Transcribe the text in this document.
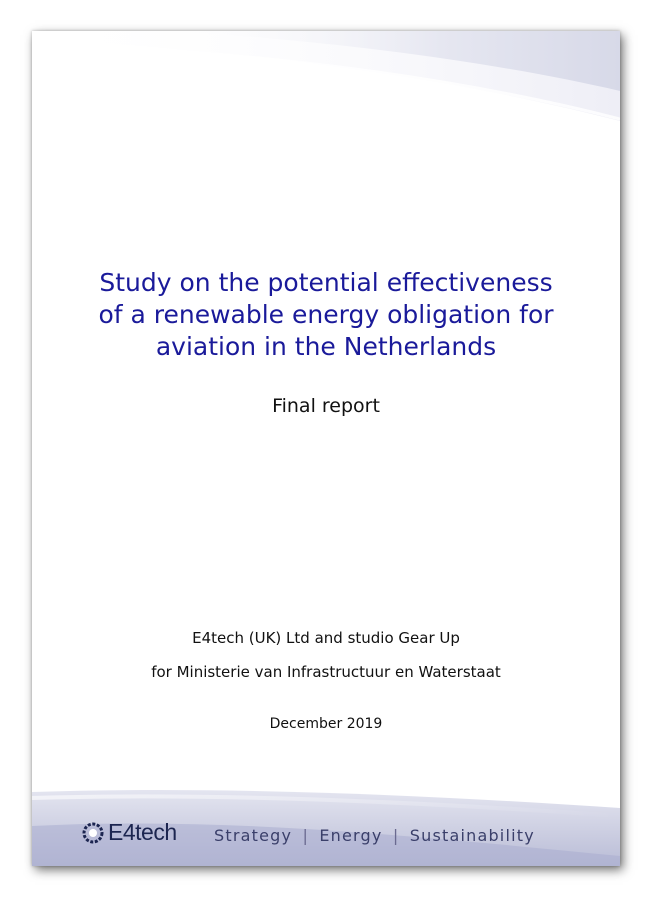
Study on the potential effectiveness
of a renewable energy obligation for
aviation in the Netherlands
Final report
E4tech (UK) Ltd and studio Gear Up
for Ministerie van Infrastructuur en Waterstaat
December 2019
E4tech Strategy | Energy | Sustainability
